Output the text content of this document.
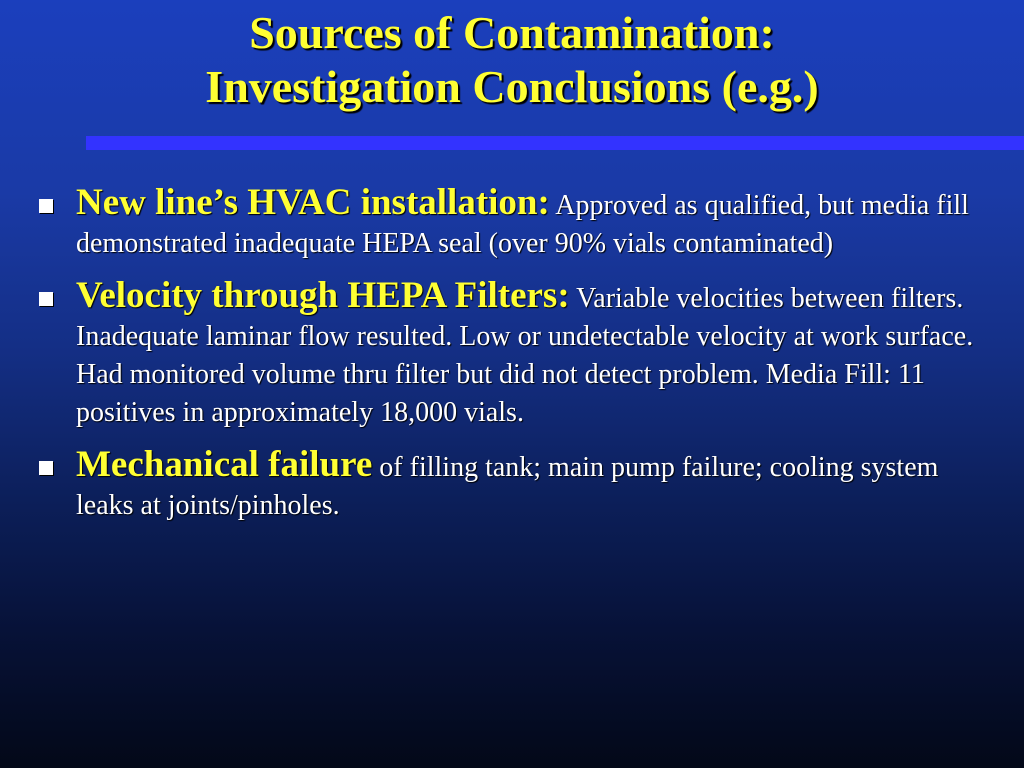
Sources of Contamination:
Investigation Conclusions (e.g.)
New line’s HVAC installation: Approved as qualified, but media fill demonstrated inadequate HEPA seal (over 90% vials contaminated)
Velocity through HEPA Filters: Variable velocities between filters. Inadequate laminar flow resulted. Low or undetectable velocity at work surface. Had monitored volume thru filter but did not detect problem. Media Fill: 11 positives in approximately 18,000 vials.
Mechanical failure of filling tank; main pump failure; cooling system leaks at joints/pinholes.
